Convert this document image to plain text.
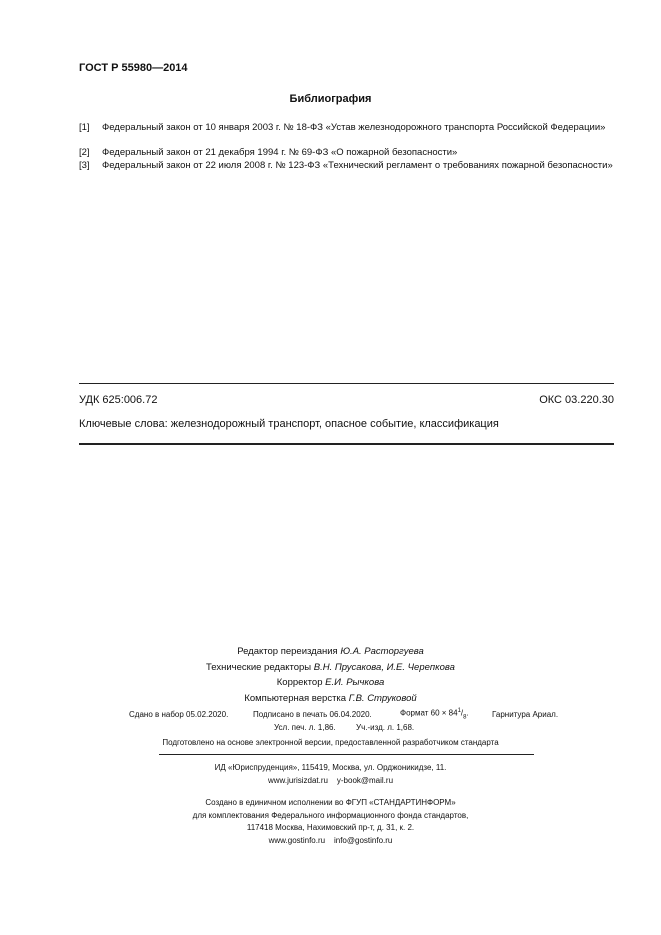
ГОСТ Р 55980—2014
Библиография
[1] Федеральный закон от 10 января 2003 г. № 18-ФЗ «Устав железнодорожного транспорта Российской Федерации»
[2] Федеральный закон от 21 декабря 1994 г. № 69-ФЗ «О пожарной безопасности»
[3] Федеральный закон от 22 июля 2008 г. № 123-ФЗ «Технический регламент о требованиях пожарной безопасности»
УДК 625:006.72	ОКС 03.220.30
Ключевые слова: железнодорожный транспорт, опасное событие, классификация
Редактор переиздания Ю.А. Расторгуева
Технические редакторы В.Н. Прусакова, И.Е. Черепкова
Корректор Е.И. Рычкова
Компьютерная верстка Г.В. Струковой
Сдано в набор 05.02.2020.	Подписано в печать 06.04.2020.	Формат $60 \times 84^1/_8$.	Гарнитура Ариал.
Усл. печ. л. 1,86.	Уч.-изд. л. 1,68.
Подготовлено на основе электронной версии, предоставленной разработчиком стандарта
ИД «Юриспруденция», 115419, Москва, ул. Орджоникидзе, 11.
www.jurisizdat.ru y-book@mail.ru
Создано в единичном исполнении во ФГУП «СТАНДАРТИНФОРМ»
для комплектования Федерального информационного фонда стандартов,
117418 Москва, Нахимовский пр-т, д. 31, к. 2.
www.gostinfo.ru info@gostinfo.ru
